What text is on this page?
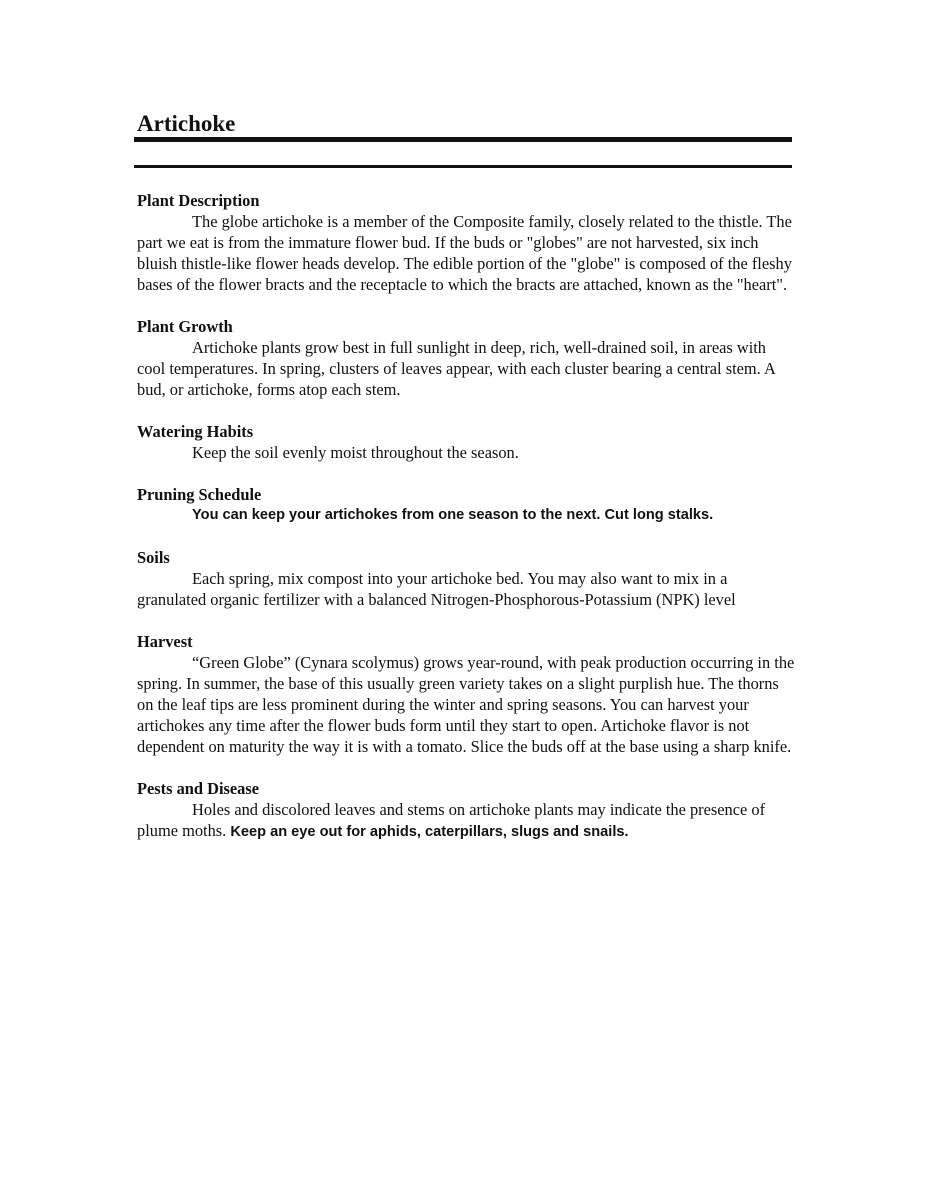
Artichoke

Plant Description

The globe artichoke is a member of the Composite family, closely related to the thistle. The part we eat is from the immature flower bud. If the buds or "globes" are not harvested, six inch bluish thistle-like flower heads develop. The edible portion of the "globe" is composed of the fleshy bases of the flower bracts and the receptacle to which the bracts are attached, known as the "heart".

Plant Growth

Artichoke plants grow best in full sunlight in deep, rich, well-drained soil, in areas with cool temperatures. In spring, clusters of leaves appear, with each cluster bearing a central stem. A bud, or artichoke, forms atop each stem.

Watering Habits

Keep the soil evenly moist throughout the season.

Pruning Schedule

You can keep your artichokes from one season to the next. Cut long stalks.

Soils

Each spring, mix compost into your artichoke bed. You may also want to mix in a granulated organic fertilizer with a balanced Nitrogen-Phosphorous-Potassium (NPK) level

Harvest

“Green Globe” (Cynara scolymus) grows year-round, with peak production occurring in the spring. In summer, the base of this usually green variety takes on a slight purplish hue. The thorns on the leaf tips are less prominent during the winter and spring seasons. You can harvest your artichokes any time after the flower buds form until they start to open. Artichoke flavor is not dependent on maturity the way it is with a tomato. Slice the buds off at the base using a sharp knife.

Pests and Disease

Holes and discolored leaves and stems on artichoke plants may indicate the presence of plume moths. Keep an eye out for aphids, caterpillars, slugs and snails.
